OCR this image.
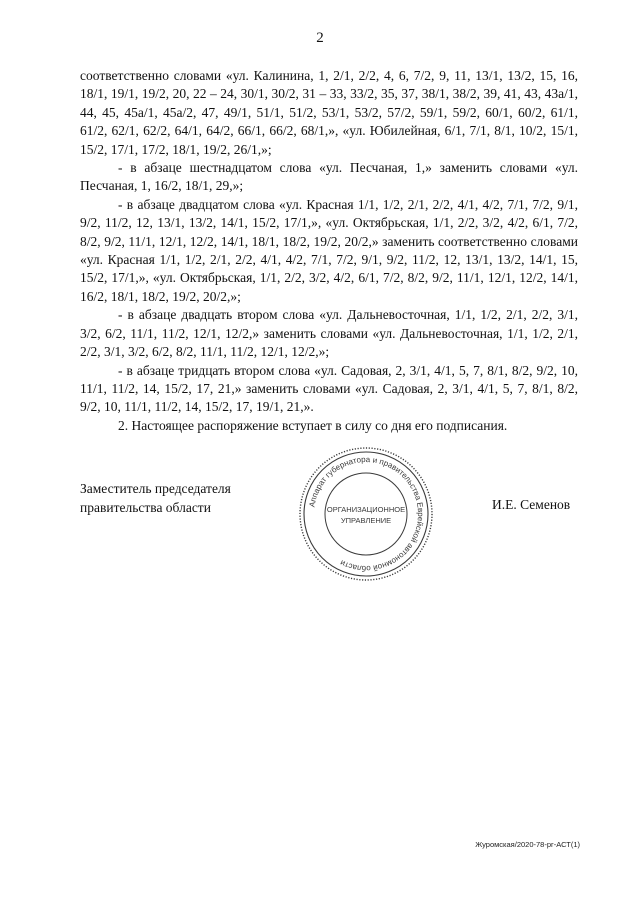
2

соответственно словами «ул. Калинина, 1, 2/1, 2/2, 4, 6, 7/2, 9, 11, 13/1, 13/2, 15, 16, 18/1, 19/1, 19/2, 20, 22 – 24, 30/1, 30/2, 31 – 33, 33/2, 35, 37, 38/1, 38/2, 39, 41, 43, 43а/1, 44, 45, 45а/1, 45а/2, 47, 49/1, 51/1, 51/2, 53/1, 53/2, 57/2, 59/1, 59/2, 60/1, 60/2, 61/1, 61/2, 62/1, 62/2, 64/1, 64/2, 66/1, 66/2, 68/1,», «ул. Юбилейная, 6/1, 7/1, 8/1, 10/2, 15/1, 15/2, 17/1, 17/2, 18/1, 19/2, 26/1,»;

- в абзаце шестнадцатом слова «ул. Песчаная, 1,» заменить словами «ул. Песчаная, 1, 16/2, 18/1, 29,»;

- в абзаце двадцатом слова «ул. Красная 1/1, 1/2, 2/1, 2/2, 4/1, 4/2, 7/1, 7/2, 9/1, 9/2, 11/2, 12, 13/1, 13/2, 14/1, 15/2, 17/1,», «ул. Октябрьская, 1/1, 2/2, 3/2, 4/2, 6/1, 7/2, 8/2, 9/2, 11/1, 12/1, 12/2, 14/1, 18/1, 18/2, 19/2, 20/2,» заменить соответственно словами «ул. Красная 1/1, 1/2, 2/1, 2/2, 4/1, 4/2, 7/1, 7/2, 9/1, 9/2, 11/2, 12, 13/1, 13/2, 14/1, 15, 15/2, 17/1,», «ул. Октябрьская, 1/1, 2/2, 3/2, 4/2, 6/1, 7/2, 8/2, 9/2, 11/1, 12/1, 12/2, 14/1, 16/2, 18/1, 18/2, 19/2, 20/2,»;

- в абзаце двадцать втором слова «ул. Дальневосточная, 1/1, 1/2, 2/1, 2/2, 3/1, 3/2, 6/2, 11/1, 11/2, 12/1, 12/2,» заменить словами «ул. Дальневосточная, 1/1, 1/2, 2/1, 2/2, 3/1, 3/2, 6/2, 8/2, 11/1, 11/2, 12/1, 12/2,»;

- в абзаце тридцать втором слова «ул. Садовая, 2, 3/1, 4/1, 5, 7, 8/1, 8/2, 9/2, 10, 11/1, 11/2, 14, 15/2, 17, 21,» заменить словами «ул. Садовая, 2, 3/1, 4/1, 5, 7, 8/1, 8/2, 9/2, 10, 11/1, 11/2, 14, 15/2, 17, 19/1, 21,».

2. Настоящее распоряжение вступает в силу со дня его подписания.

Заместитель председателя
правительства области	Аппарат губернатора и правительства Еврейской автономной области
ОРГАНИЗАЦИОННОЕ
УПРАВЛЕНИЕ
И.Е. Семенов
Журомская/2020-78-рг-АСТ(1)
